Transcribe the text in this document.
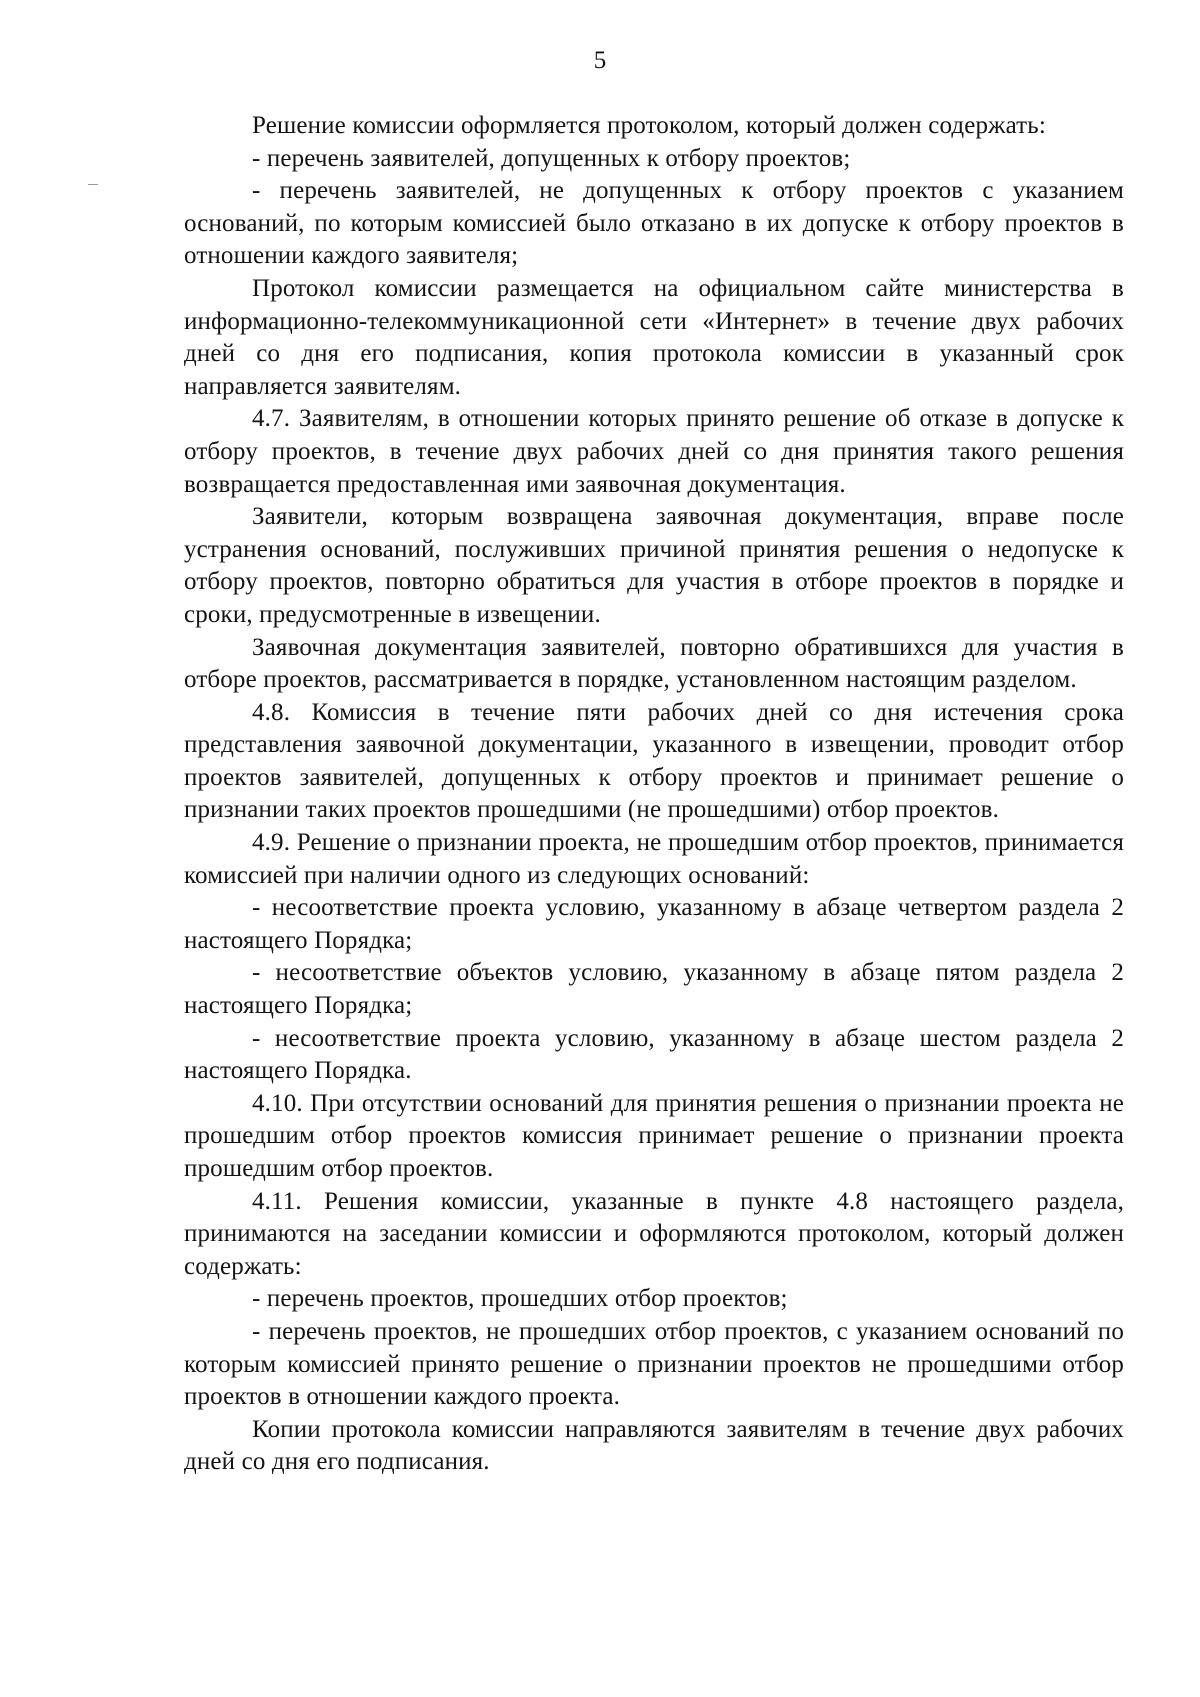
5

Решение комиссии оформляется протоколом, который должен содержать:

- перечень заявителей, допущенных к отбору проектов;

- перечень заявителей, не допущенных к отбору проектов с указанием оснований, по которым комиссией было отказано в их допуске к отбору проектов в отношении каждого заявителя;

Протокол комиссии размещается на официальном сайте министерства в информационно-телекоммуникационной сети «Интернет» в течение двух рабочих дней со дня его подписания, копия протокола комиссии в указанный срок направляется заявителям.

4.7. Заявителям, в отношении которых принято решение об отказе в допуске к отбору проектов, в течение двух рабочих дней со дня принятия такого решения возвращается предоставленная ими заявочная документация.

Заявители, которым возвращена заявочная документация, вправе после устранения оснований, послуживших причиной принятия решения о недопуске к отбору проектов, повторно обратиться для участия в отборе проектов в порядке и сроки, предусмотренные в извещении.

Заявочная документация заявителей, повторно обратившихся для участия в отборе проектов, рассматривается в порядке, установленном настоящим разделом.

4.8. Комиссия в течение пяти рабочих дней со дня истечения срока представления заявочной документации, указанного в извещении, проводит отбор проектов заявителей, допущенных к отбору проектов и принимает решение о признании таких проектов прошедшими (не прошедшими) отбор проектов.

4.9. Решение о признании проекта, не прошедшим отбор проектов, принимается комиссией при наличии одного из следующих оснований:

- несоответствие проекта условию, указанному в абзаце четвертом раздела 2 настоящего Порядка;

- несоответствие объектов условию, указанному в абзаце пятом раздела 2 настоящего Порядка;

- несоответствие проекта условию, указанному в абзаце шестом раздела 2 настоящего Порядка.

4.10. При отсутствии оснований для принятия решения о признании проекта не прошедшим отбор проектов комиссия принимает решение о признании проекта прошедшим отбор проектов.

4.11. Решения комиссии, указанные в пункте 4.8 настоящего раздела, принимаются на заседании комиссии и оформляются протоколом, который должен содержать:

- перечень проектов, прошедших отбор проектов;

- перечень проектов, не прошедших отбор проектов, с указанием оснований по которым комиссией принято решение о признании проектов не прошедшими отбор проектов в отношении каждого проекта.

Копии протокола комиссии направляются заявителям в течение двух рабочих дней со дня его подписания.
